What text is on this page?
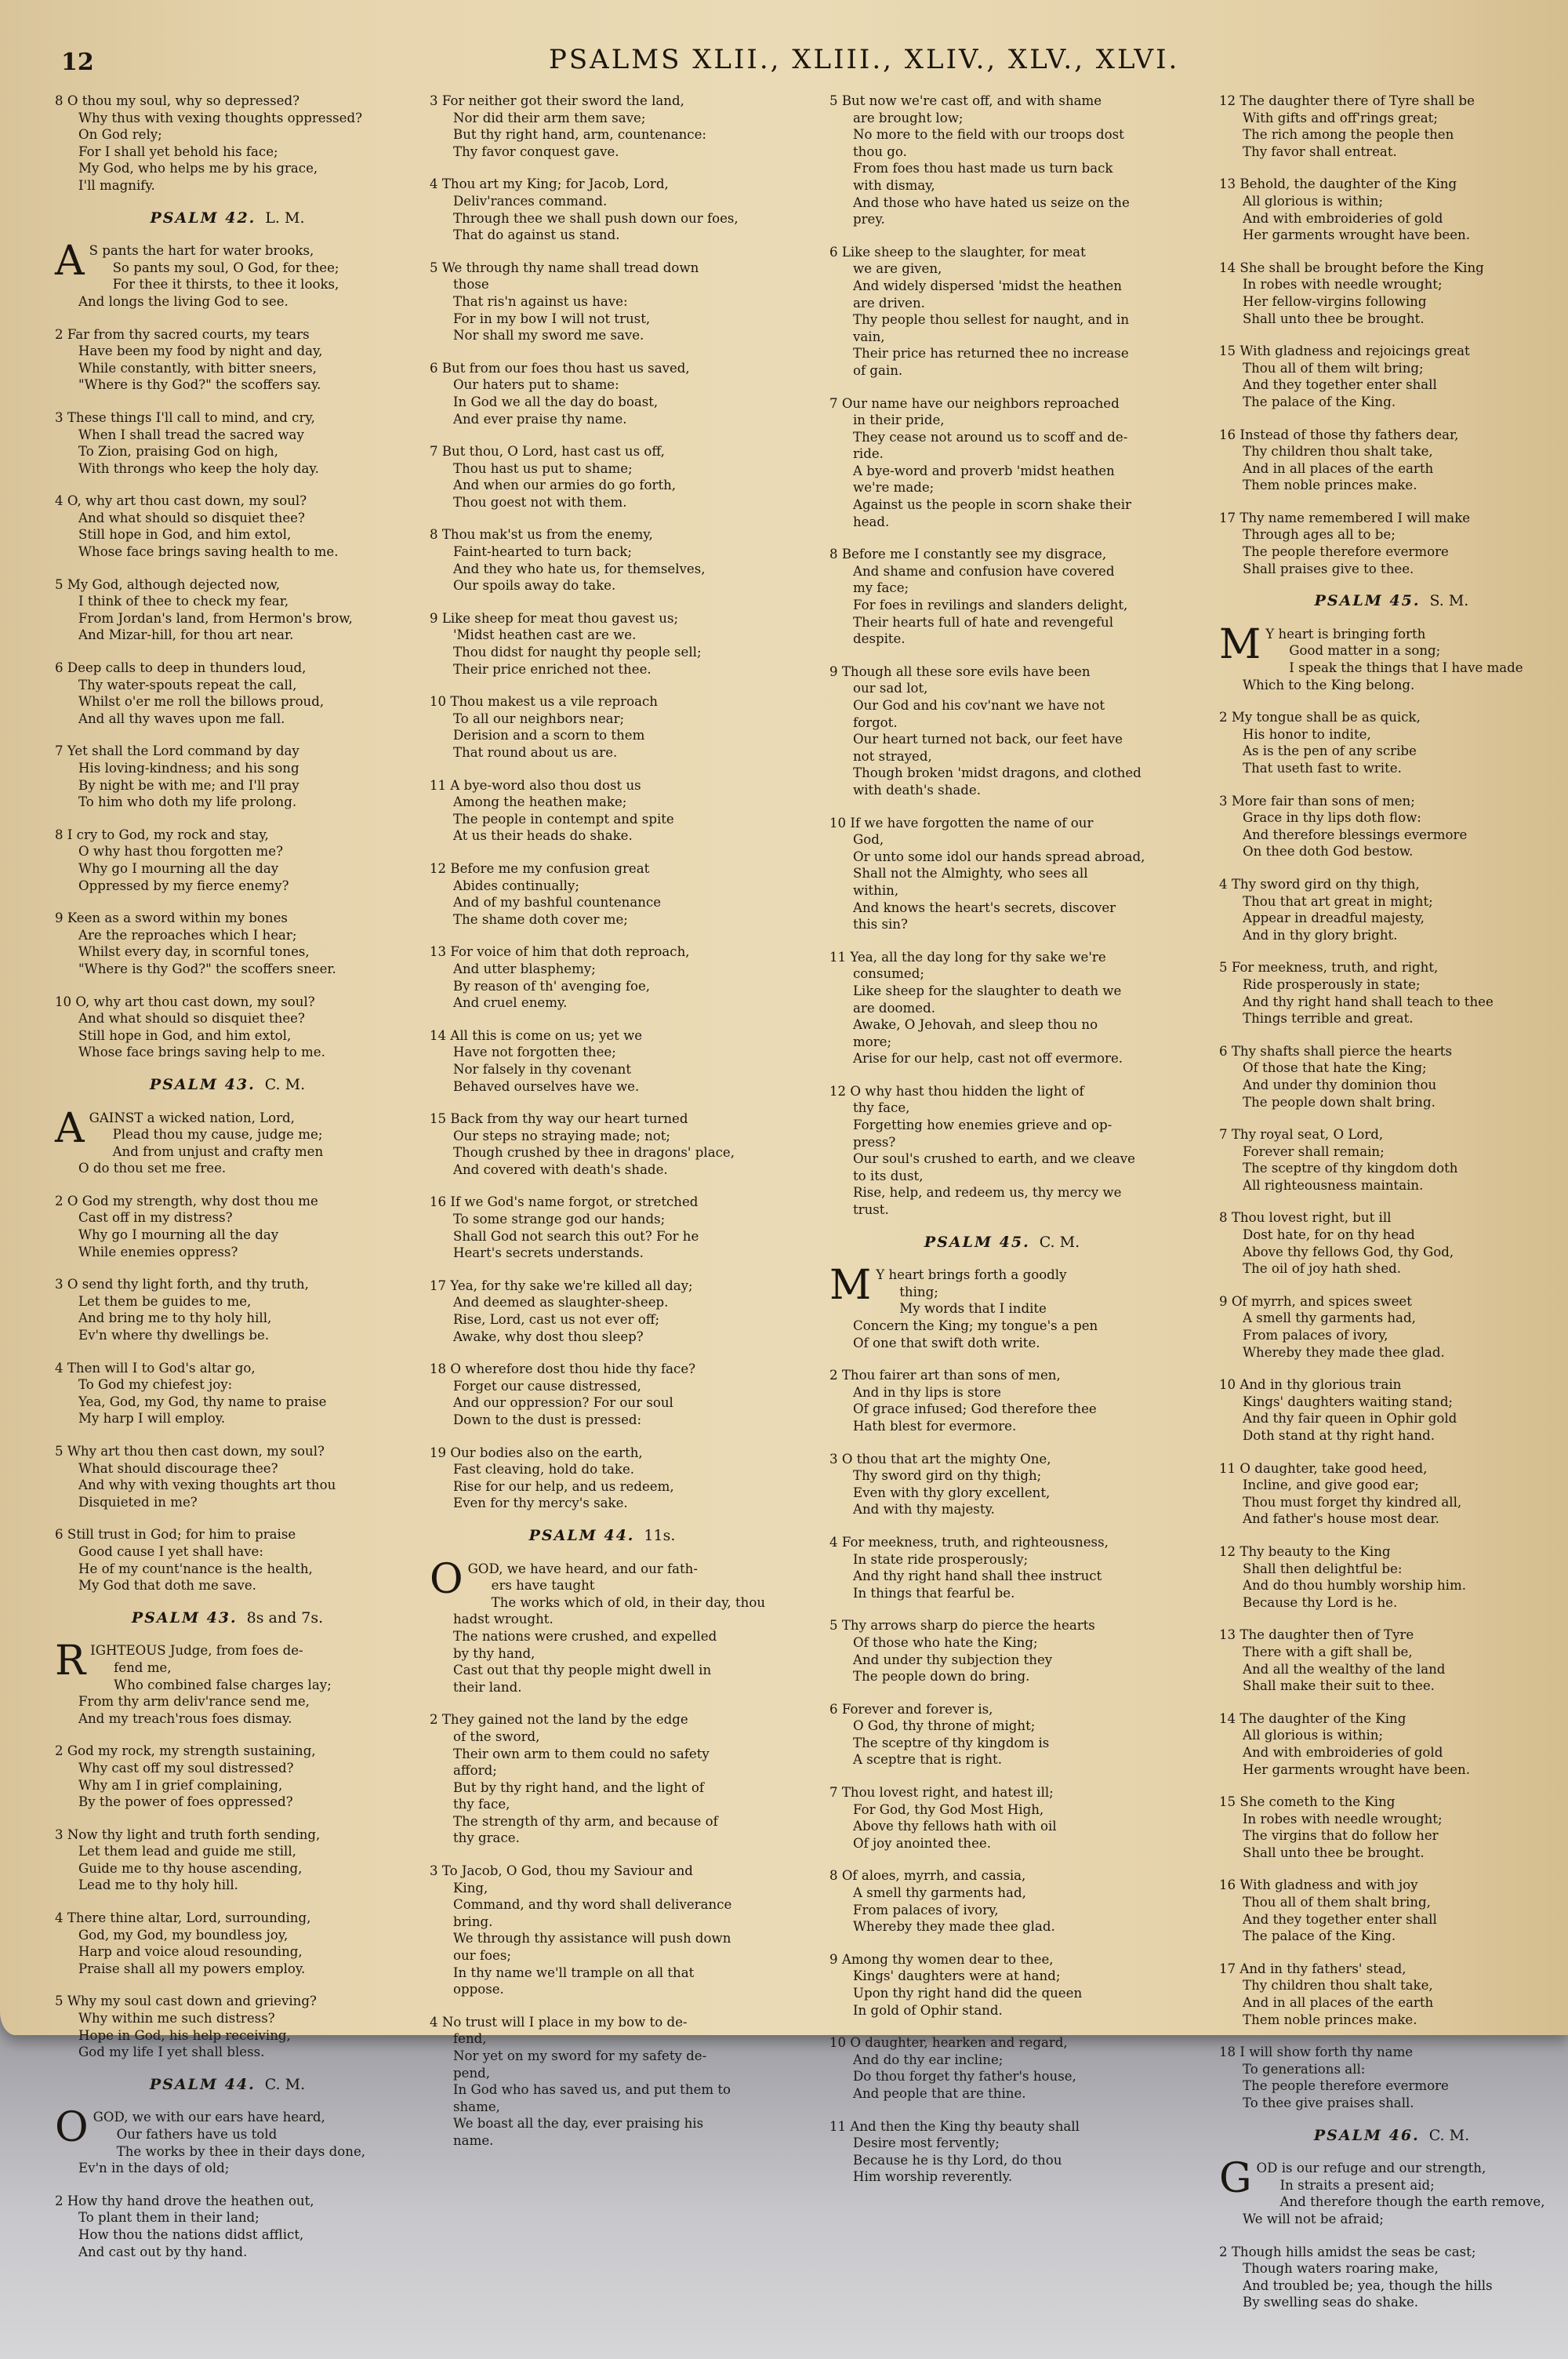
12	PSALMS XLII., XLIII., XLIV., XLV., XLVI.
8 O thou my soul, why so depressed?
Why thus with vexing thoughts oppressed?
On God rely;
For I shall yet behold his face;
My God, who helps me by his grace,
I'll magnify.
PSALM 42. L. M.
A S pants the hart for water brooks,
So pants my soul, O God, for thee;
For thee it thirsts, to thee it looks,
And longs the living God to see.
2 Far from thy sacred courts, my tears
Have been my food by night and day,
While constantly, with bitter sneers,
"Where is thy God?" the scoffers say.
3 These things I'll call to mind, and cry,
When I shall tread the sacred way
To Zion, praising God on high,
With throngs who keep the holy day.
4 O, why art thou cast down, my soul?
And what should so disquiet thee?
Still hope in God, and him extol,
Whose face brings saving health to me.
5 My God, although dejected now,
I think of thee to check my fear,
From Jordan's land, from Hermon's brow,
And Mizar-hill, for thou art near.
6 Deep calls to deep in thunders loud,
Thy water-spouts repeat the call,
Whilst o'er me roll the billows proud,
And all thy waves upon me fall.
7 Yet shall the Lord command by day
His loving-kindness; and his song
By night be with me; and I'll pray
To him who doth my life prolong.
8 I cry to God, my rock and stay,
O why hast thou forgotten me?
Why go I mourning all the day
Oppressed by my fierce enemy?
9 Keen as a sword within my bones
Are the reproaches which I hear;
Whilst every day, in scornful tones,
"Where is thy God?" the scoffers sneer.
10 O, why art thou cast down, my soul?
And what should so disquiet thee?
Still hope in God, and him extol,
Whose face brings saving help to me.
PSALM 43. C. M.
A GAINST a wicked nation, Lord,
Plead thou my cause, judge me;
And from unjust and crafty men
O do thou set me free.
2 O God my strength, why dost thou me
Cast off in my distress?
Why go I mourning all the day
While enemies oppress?
3 O send thy light forth, and thy truth,
Let them be guides to me,
And bring me to thy holy hill,
Ev'n where thy dwellings be.
4 Then will I to God's altar go,
To God my chiefest joy:
Yea, God, my God, thy name to praise
My harp I will employ.
5 Why art thou then cast down, my soul?
What should discourage thee?
And why with vexing thoughts art thou
Disquieted in me?
6 Still trust in God; for him to praise
Good cause I yet shall have:
He of my count'nance is the health,
My God that doth me save.
PSALM 43. 8s and 7s.
R IGHTEOUS Judge, from foes de-
fend me,
Who combined false charges lay;
From thy arm deliv'rance send me,
And my treach'rous foes dismay.
2 God my rock, my strength sustaining,
Why cast off my soul distressed?
Why am I in grief complaining,
By the power of foes oppressed?
3 Now thy light and truth forth sending,
Let them lead and guide me still,
Guide me to thy house ascending,
Lead me to thy holy hill.
4 There thine altar, Lord, surrounding,
God, my God, my boundless joy,
Harp and voice aloud resounding,
Praise shall all my powers employ.
5 Why my soul cast down and grieving?
Why within me such distress?
Hope in God, his help receiving,
God my life I yet shall bless.
PSALM 44. C. M.
O GOD, we with our ears have heard,
Our fathers have us told
The works by thee in their days done,
Ev'n in the days of old;
2 How thy hand drove the heathen out,
To plant them in their land;
How thou the nations didst afflict,
And cast out by thy hand.
3 For neither got their sword the land,
Nor did their arm them save;
But thy right hand, arm, countenance:
Thy favor conquest gave.
4 Thou art my King; for Jacob, Lord,
Deliv'rances command.
Through thee we shall push down our foes,
That do against us stand.
5 We through thy name shall tread down
those
That ris'n against us have:
For in my bow I will not trust,
Nor shall my sword me save.
6 But from our foes thou hast us saved,
Our haters put to shame:
In God we all the day do boast,
And ever praise thy name.
7 But thou, O Lord, hast cast us off,
Thou hast us put to shame;
And when our armies do go forth,
Thou goest not with them.
8 Thou mak'st us from the enemy,
Faint-hearted to turn back;
And they who hate us, for themselves,
Our spoils away do take.
9 Like sheep for meat thou gavest us;
'Midst heathen cast are we.
Thou didst for naught thy people sell;
Their price enriched not thee.
10 Thou makest us a vile reproach
To all our neighbors near;
Derision and a scorn to them
That round about us are.
11 A bye-word also thou dost us
Among the heathen make;
The people in contempt and spite
At us their heads do shake.
12 Before me my confusion great
Abides continually;
And of my bashful countenance
The shame doth cover me;
13 For voice of him that doth reproach,
And utter blasphemy;
By reason of th' avenging foe,
And cruel enemy.
14 All this is come on us; yet we
Have not forgotten thee;
Nor falsely in thy covenant
Behaved ourselves have we.
15 Back from thy way our heart turned
Our steps no straying made; not;
Though crushed by thee in dragons' place,
And covered with death's shade.
16 If we God's name forgot, or stretched
To some strange god our hands;
Shall God not search this out? For he
Heart's secrets understands.
17 Yea, for thy sake we're killed all day;
And deemed as slaughter-sheep.
Rise, Lord, cast us not ever off;
Awake, why dost thou sleep?
18 O wherefore dost thou hide thy face?
Forget our cause distressed,
And our oppression? For our soul
Down to the dust is pressed:
19 Our bodies also on the earth,
Fast cleaving, hold do take.
Rise for our help, and us redeem,
Even for thy mercy's sake.
PSALM 44. 11s.
O GOD, we have heard, and our fath-
ers have taught
The works which of old, in their day, thou
hadst wrought.
The nations were crushed, and expelled
by thy hand,
Cast out that thy people might dwell in
their land.
2 They gained not the land by the edge
of the sword,
Their own arm to them could no safety
afford;
But by thy right hand, and the light of
thy face,
The strength of thy arm, and because of
thy grace.
3 To Jacob, O God, thou my Saviour and
King,
Command, and thy word shall deliverance
bring.
We through thy assistance will push down
our foes;
In thy name we'll trample on all that
oppose.
4 No trust will I place in my bow to de-
fend,
Nor yet on my sword for my safety de-
pend,
In God who has saved us, and put them to
shame,
We boast all the day, ever praising his
name.
5 But now we're cast off, and with shame
are brought low;
No more to the field with our troops dost
thou go.
From foes thou hast made us turn back
with dismay,
And those who have hated us seize on the
prey.
6 Like sheep to the slaughter, for meat
we are given,
And widely dispersed 'midst the heathen
are driven.
Thy people thou sellest for naught, and in
vain,
Their price has returned thee no increase
of gain.
7 Our name have our neighbors reproached
in their pride,
They cease not around us to scoff and de-
ride.
A bye-word and proverb 'midst heathen
we're made;
Against us the people in scorn shake their
head.
8 Before me I constantly see my disgrace,
And shame and confusion have covered
my face;
For foes in revilings and slanders delight,
Their hearts full of hate and revengeful
despite.
9 Though all these sore evils have been
our sad lot,
Our God and his cov'nant we have not
forgot.
Our heart turned not back, our feet have
not strayed,
Though broken 'midst dragons, and clothed
with death's shade.
10 If we have forgotten the name of our
God,
Or unto some idol our hands spread abroad,
Shall not the Almighty, who sees all
within,
And knows the heart's secrets, discover
this sin?
11 Yea, all the day long for thy sake we're
consumed;
Like sheep for the slaughter to death we
are doomed.
Awake, O Jehovah, and sleep thou no
more;
Arise for our help, cast not off evermore.
12 O why hast thou hidden the light of
thy face,
Forgetting how enemies grieve and op-
press?
Our soul's crushed to earth, and we cleave
to its dust,
Rise, help, and redeem us, thy mercy we
trust.
PSALM 45. C. M.
M Y heart brings forth a goodly
thing;
My words that I indite
Concern the King; my tongue's a pen
Of one that swift doth write.
2 Thou fairer art than sons of men,
And in thy lips is store
Of grace infused; God therefore thee
Hath blest for evermore.
3 O thou that art the mighty One,
Thy sword gird on thy thigh;
Even with thy glory excellent,
And with thy majesty.
4 For meekness, truth, and righteousness,
In state ride prosperously;
And thy right hand shall thee instruct
In things that fearful be.
5 Thy arrows sharp do pierce the hearts
Of those who hate the King;
And under thy subjection they
The people down do bring.
6 Forever and forever is,
O God, thy throne of might;
The sceptre of thy kingdom is
A sceptre that is right.
7 Thou lovest right, and hatest ill;
For God, thy God Most High,
Above thy fellows hath with oil
Of joy anointed thee.
8 Of aloes, myrrh, and cassia,
A smell thy garments had,
From palaces of ivory,
Whereby they made thee glad.
9 Among thy women dear to thee,
Kings' daughters were at hand;
Upon thy right hand did the queen
In gold of Ophir stand.
10 O daughter, hearken and regard,
And do thy ear incline;
Do thou forget thy father's house,
And people that are thine.
11 And then the King thy beauty shall
Desire most fervently;
Because he is thy Lord, do thou
Him worship reverently.
12 The daughter there of Tyre shall be
With gifts and off'rings great;
The rich among the people then
Thy favor shall entreat.
13 Behold, the daughter of the King
All glorious is within;
And with embroideries of gold
Her garments wrought have been.
14 She shall be brought before the King
In robes with needle wrought;
Her fellow-virgins following
Shall unto thee be brought.
15 With gladness and rejoicings great
Thou all of them wilt bring;
And they together enter shall
The palace of the King.
16 Instead of those thy fathers dear,
Thy children thou shalt take,
And in all places of the earth
Them noble princes make.
17 Thy name remembered I will make
Through ages all to be;
The people therefore evermore
Shall praises give to thee.
PSALM 45. S. M.
M Y heart is bringing forth
Good matter in a song;
I speak the things that I have made
Which to the King belong.
2 My tongue shall be as quick,
His honor to indite,
As is the pen of any scribe
That useth fast to write.
3 More fair than sons of men;
Grace in thy lips doth flow:
And therefore blessings evermore
On thee doth God bestow.
4 Thy sword gird on thy thigh,
Thou that art great in might;
Appear in dreadful majesty,
And in thy glory bright.
5 For meekness, truth, and right,
Ride prosperously in state;
And thy right hand shall teach to thee
Things terrible and great.
6 Thy shafts shall pierce the hearts
Of those that hate the King;
And under thy dominion thou
The people down shalt bring.
7 Thy royal seat, O Lord,
Forever shall remain;
The sceptre of thy kingdom doth
All righteousness maintain.
8 Thou lovest right, but ill
Dost hate, for on thy head
Above thy fellows God, thy God,
The oil of joy hath shed.
9 Of myrrh, and spices sweet
A smell thy garments had,
From palaces of ivory,
Whereby they made thee glad.
10 And in thy glorious train
Kings' daughters waiting stand;
And thy fair queen in Ophir gold
Doth stand at thy right hand.
11 O daughter, take good heed,
Incline, and give good ear;
Thou must forget thy kindred all,
And father's house most dear.
12 Thy beauty to the King
Shall then delightful be:
And do thou humbly worship him.
Because thy Lord is he.
13 The daughter then of Tyre
There with a gift shall be,
And all the wealthy of the land
Shall make their suit to thee.
14 The daughter of the King
All glorious is within;
And with embroideries of gold
Her garments wrought have been.
15 She cometh to the King
In robes with needle wrought;
The virgins that do follow her
Shall unto thee be brought.
16 With gladness and with joy
Thou all of them shalt bring,
And they together enter shall
The palace of the King.
17 And in thy fathers' stead,
Thy children thou shalt take,
And in all places of the earth
Them noble princes make.
18 I will show forth thy name
To generations all:
The people therefore evermore
To thee give praises shall.
PSALM 46. C. M.
G OD is our refuge and our strength,
In straits a present aid;
And therefore though the earth remove,
We will not be afraid;
2 Though hills amidst the seas be cast;
Though waters roaring make,
And troubled be; yea, though the hills
By swelling seas do shake.
